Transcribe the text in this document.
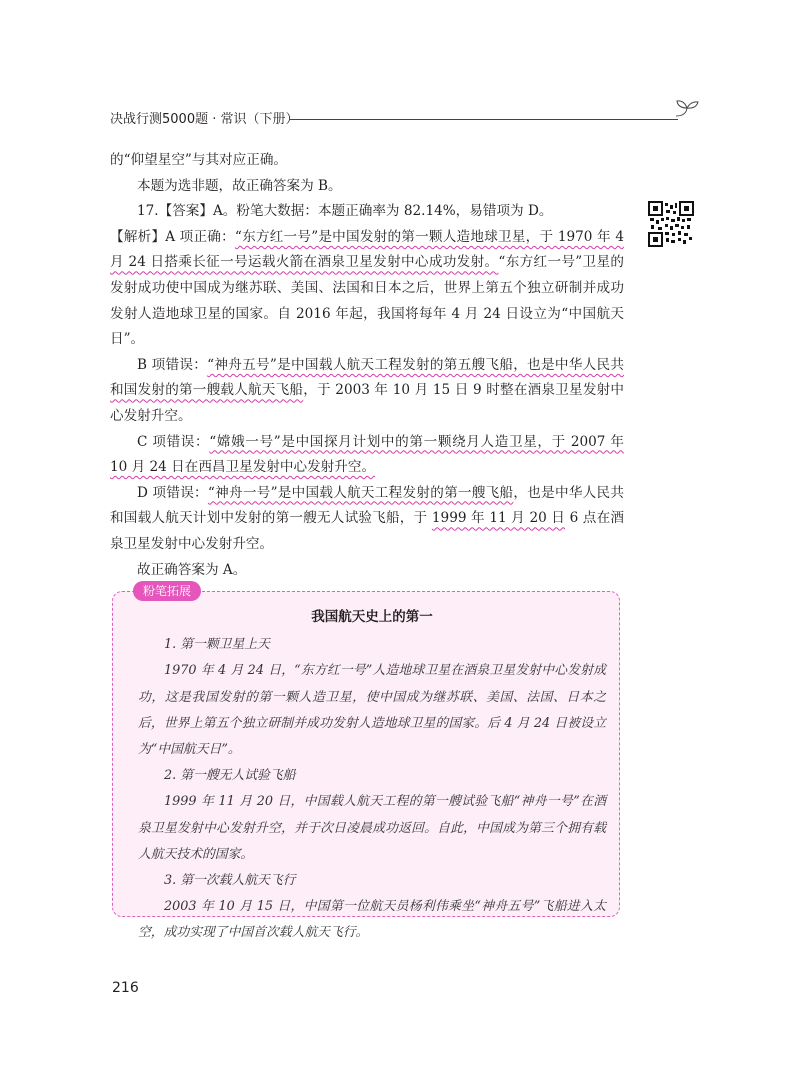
决战行测5000题 · 常识（下册）

的“仰望星空”与其对应正确。

本题为选非题，故正确答案为 B。

17.【答案】A。粉笔大数据：本题正确率为 82.14%，易错项为 D。

【解析】A 项正确：“东方红一号”是中国发射的第一颗人造地球卫星，于 1970 年 4 月 24 日搭乘长征一号运载火箭在酒泉卫星发射中心成功发射。“东方红一号”卫星的发射成功使中国成为继苏联、美国、法国和日本之后，世界上第五个独立研制并成功发射人造地球卫星的国家。自 2016 年起，我国将每年 4 月 24 日设立为“中国航天日”。

B 项错误：“神舟五号”是中国载人航天工程发射的第五艘飞船，也是中华人民共和国发射的第一艘载人航天飞船，于 2003 年 10 月 15 日 9 时整在酒泉卫星发射中心发射升空。

C 项错误：“嫦娥一号”是中国探月计划中的第一颗绕月人造卫星，于 2007 年 10 月 24 日在西昌卫星发射中心发射升空。

D 项错误：“神舟一号”是中国载人航天工程发射的第一艘飞船，也是中华人民共和国载人航天计划中发射的第一艘无人试验飞船，于 1999 年 11 月 20 日 6 点在酒泉卫星发射中心发射升空。

故正确答案为 A。

粉笔拓展
我国航天史上的第一

1. 第一颗卫星上天

1970 年 4 月 24 日，“东方红一号”人造地球卫星在酒泉卫星发射中心发射成功，这是我国发射的第一颗人造卫星，使中国成为继苏联、美国、法国、日本之后，世界上第五个独立研制并成功发射人造地球卫星的国家。后 4 月 24 日被设立为“中国航天日”。

2. 第一艘无人试验飞船

1999 年 11 月 20 日，中国载人航天工程的第一艘试验飞船“神舟一号”在酒泉卫星发射中心发射升空，并于次日凌晨成功返回。自此，中国成为第三个拥有载人航天技术的国家。

3. 第一次载人航天飞行

2003 年 10 月 15 日，中国第一位航天员杨利伟乘坐“神舟五号”飞船进入太空，成功实现了中国首次载人航天飞行。

216
